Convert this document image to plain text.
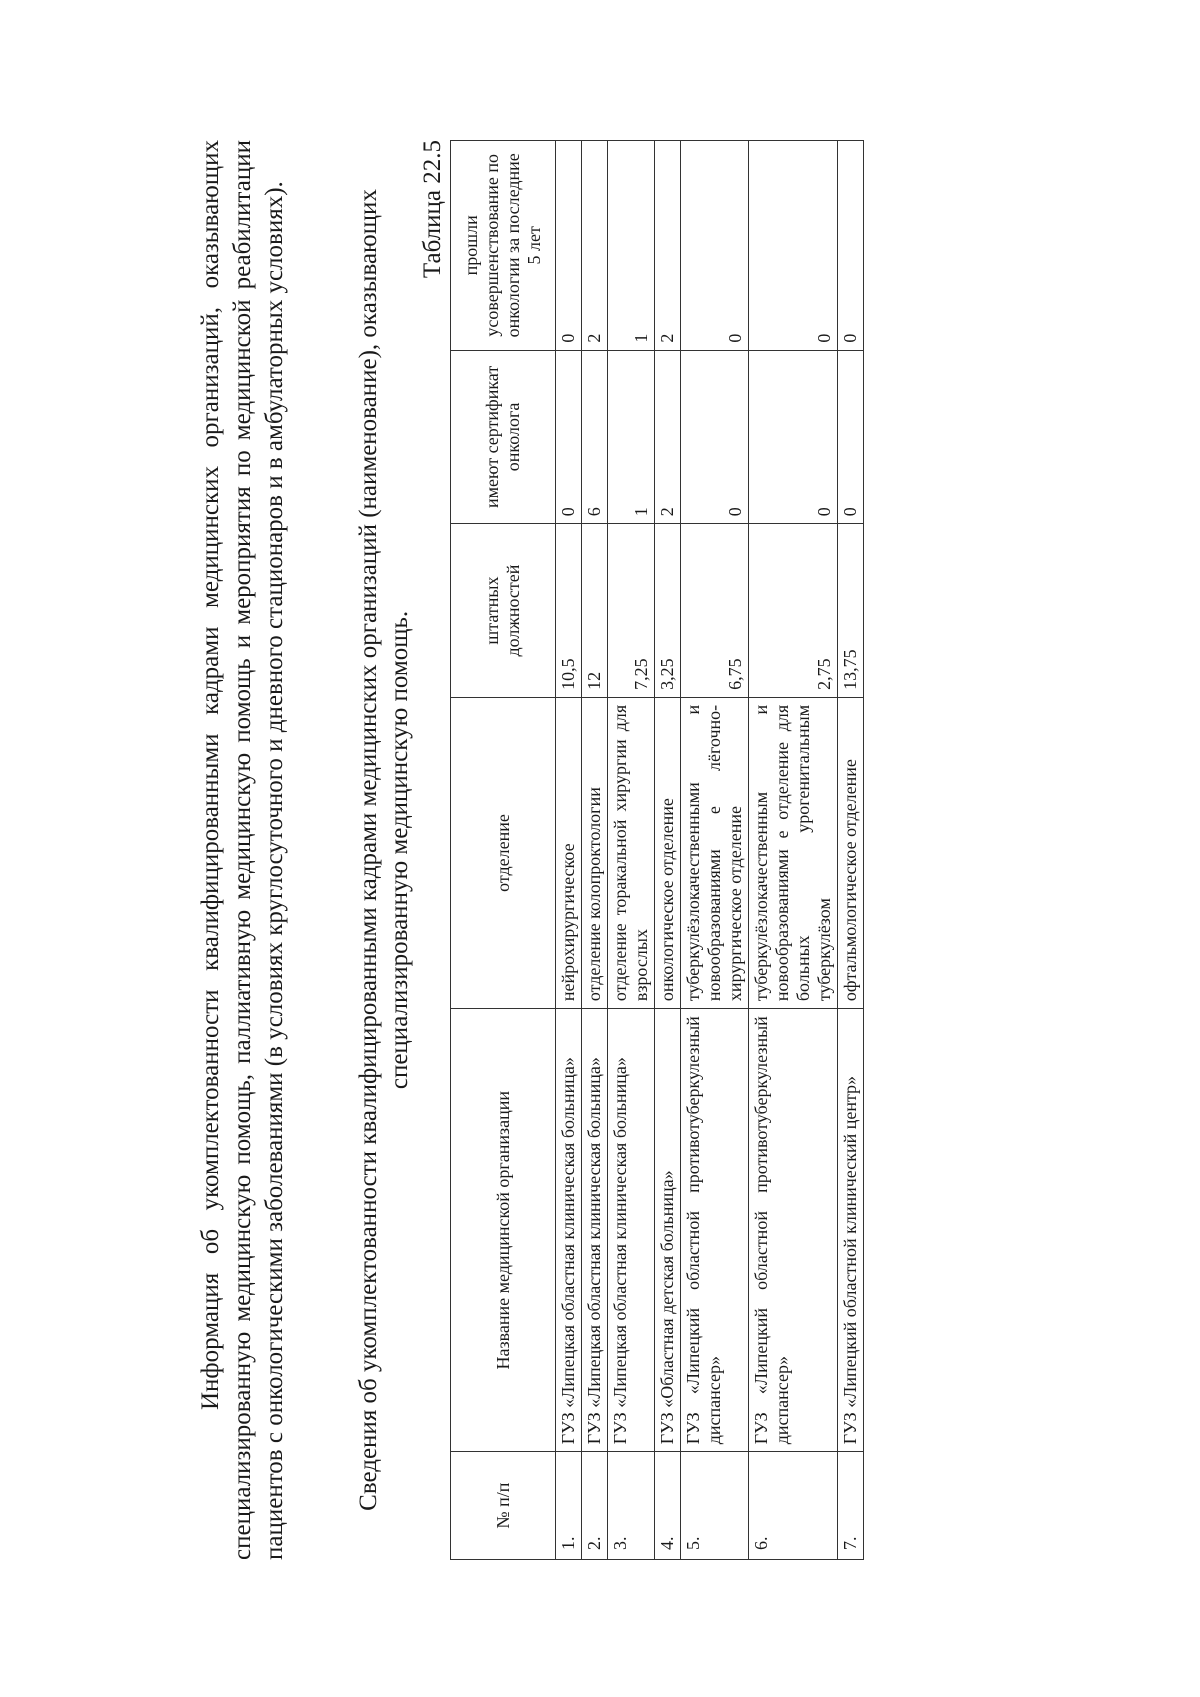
Информация об укомплектованности квалифицированными кадрами медицинских организаций, оказывающих специализированную медицинскую помощь, паллиативную медицинскую помощь и мероприятия по медицинской реабилитации пациентов с онкологическими заболеваниями (в условиях круглосуточного и дневного стационаров и в амбулаторных условиях).	Сведения об укомплектованности квалифицированными кадрами медицинских организаций (наименование), оказывающих специализированную медицинскую помощь.

Таблица 22.5

№ п/п	Название медицинской организации	отделение	штатных должностей	имеют сертификат онколога	прошли усовершенствование по онкологии за последние 5 лет
1.	ГУЗ «Липецкая областная клиническая больница»	нейрохирургическое	10,5	0	0
2.	ГУЗ «Липецкая областная клиническая больница»	отделение колопроктологии	12	6	2
3.	ГУЗ «Липецкая областная клиническая больница»	отделение торакальной хирургии для взрослых	7,25	1	1
4.	ГУЗ «Областная детская больница»	онкологическое отделение	3,25	2	2
5.	ГУЗ «Липецкий областной противотуберкулезный диспансер»	туберкулёзлокачественными и новообразованиями е лёгочно-хирургическое отделение	6,75	0	0
6.	ГУЗ «Липецкий областной противотуберкулезный диспансер»	туберкулёзлокачественным и новообразованиями е отделение для больных урогенитальным туберкулёзом	2,75	0	0
7.	ГУЗ «Липецкий областной клинический центр»	офтальмологическое отделение	13,75	0	0
